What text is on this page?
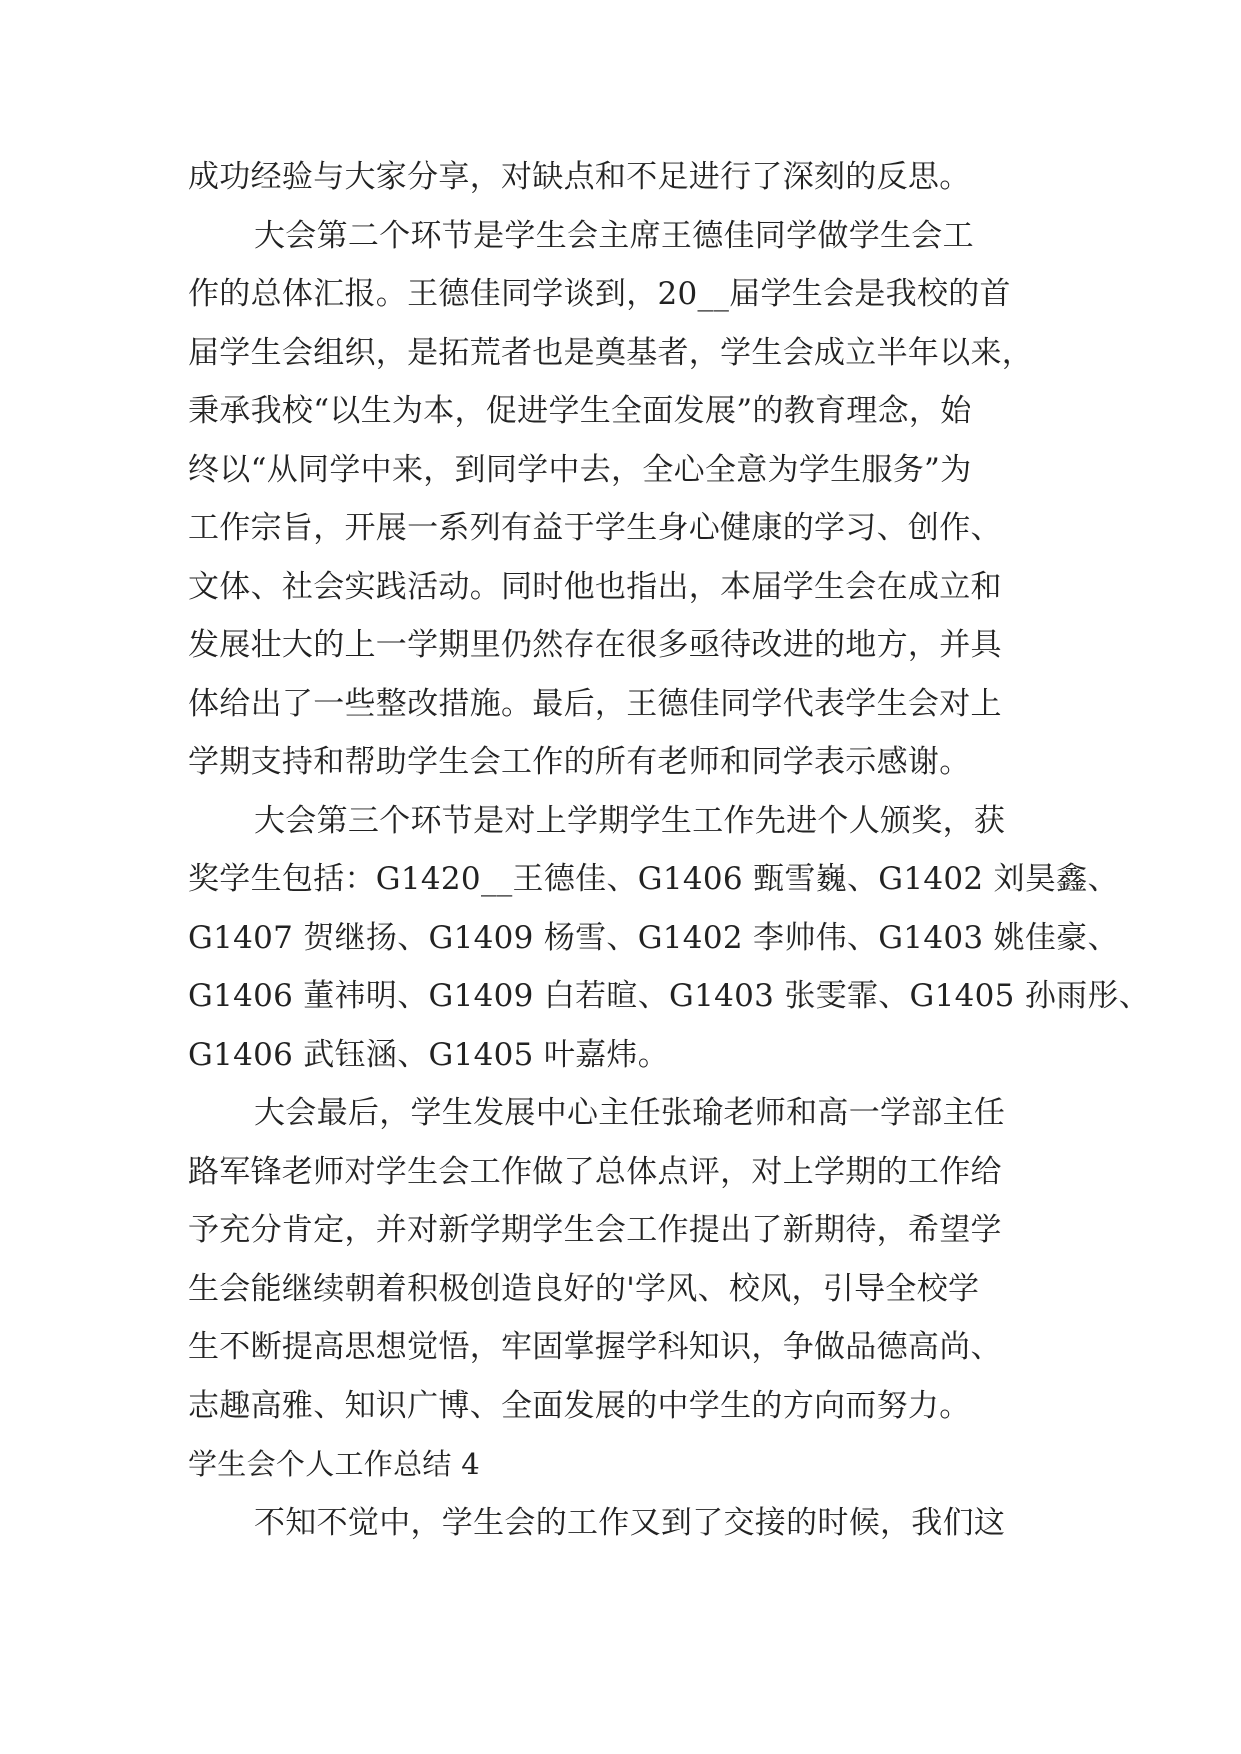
成功经验与大家分享，对缺点和不足进行了深刻的反思。
大会第二个环节是学生会主席王德佳同学做学生会工
作的总体汇报。王德佳同学谈到，20__届学生会是我校的首
届学生会组织，是拓荒者也是奠基者，学生会成立半年以来，
秉承我校“以生为本，促进学生全面发展”的教育理念，始
终以“从同学中来，到同学中去，全心全意为学生服务”为
工作宗旨，开展一系列有益于学生身心健康的学习、创作、
文体、社会实践活动。同时他也指出，本届学生会在成立和
发展壮大的上一学期里仍然存在很多亟待改进的地方，并具
体给出了一些整改措施。最后，王德佳同学代表学生会对上
学期支持和帮助学生会工作的所有老师和同学表示感谢。
大会第三个环节是对上学期学生工作先进个人颁奖，获
奖学生包括：G1420__王德佳、G1406 甄雪巍、G1402 刘昊鑫、
G1407 贺继扬、G1409 杨雪、G1402 李帅伟、G1403 姚佳豪、
G1406 董祎明、G1409 白若暄、G1403 张雯霏、G1405 孙雨彤、
G1406 武钰涵、G1405 叶嘉炜。
大会最后，学生发展中心主任张瑜老师和高一学部主任
路军锋老师对学生会工作做了总体点评，对上学期的工作给
予充分肯定，并对新学期学生会工作提出了新期待，希望学
生会能继续朝着积极创造良好的'学风、校风，引导全校学
生不断提高思想觉悟，牢固掌握学科知识，争做品德高尚、
志趣高雅、知识广博、全面发展的中学生的方向而努力。
学生会个人工作总结 4
不知不觉中，学生会的工作又到了交接的时候，我们这
